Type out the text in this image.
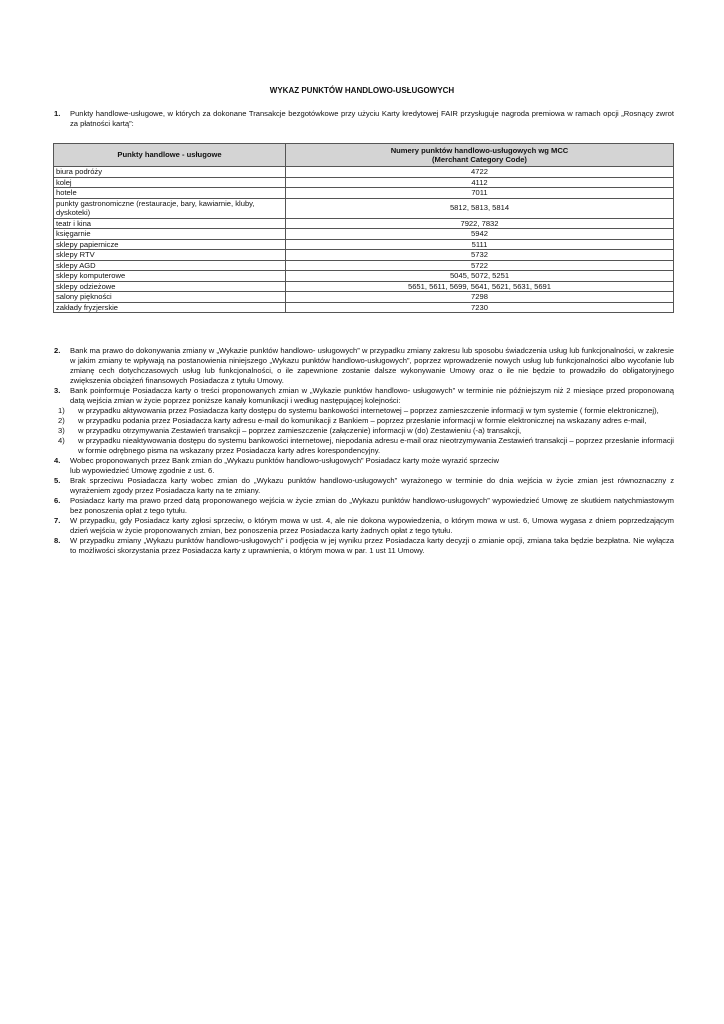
WYKAZ PUNKTÓW HANDLOWO-USŁUGOWYCH
1. Punkty handlowe-usługowe, w których za dokonane Transakcje bezgotówkowe przy użyciu Karty kredytowej FAIR przysługuje nagroda premiowa w ramach opcji „Rosnący zwrot za płatności kartą”:
Punkty handlowe - usługowe	Numery punktów handlowo-usługowych wg MCC
(Merchant Category Code)

biura podróży	4722
kolej	4112
hotele	7011
punkty gastronomiczne (restauracje, bary, kawiarnie, kluby, dyskoteki)	5812, 5813, 5814
teatr i kina	7922, 7832
księgarnie	5942
sklepy papiernicze	5111
sklepy RTV	5732
sklepy AGD	5722
sklepy komputerowe	5045, 5072, 5251
sklepy odzieżowe	5651, 5611, 5699, 5641, 5621, 5631, 5691
salony piękności	7298
zakłady fryzjerskie	7230
2. Bank ma prawo do dokonywania zmiany w „Wykazie punktów handlowo- usługowych” w przypadku zmiany zakresu lub sposobu świadczenia usług lub funkcjonalności, w zakresie w jakim zmiany te wpływają na postanowienia niniejszego „Wykazu punktów handlowo-usługowych”, poprzez wprowadzenie nowych usług lub funkcjonalności albo wycofanie lub zmianę cech dotychczasowych usług lub funkcjonalności, o ile zapewnione zostanie dalsze wykonywanie Umowy oraz o ile nie będzie to prowadziło do obligatoryjnego zwiększenia obciążeń finansowych Posiadacza z tytułu Umowy.
3. Bank poinformuje Posiadacza karty o treści proponowanych zmian w „Wykazie punktów handlowo- usługowych” w terminie nie późniejszym niż 2 miesiące przed proponowaną datą wejścia zmian w życie poprzez poniższe kanały komunikacji i według następującej kolejności:
1) w przypadku aktywowania przez Posiadacza karty dostępu do systemu bankowości internetowej – poprzez zamieszczenie informacji w tym systemie ( formie elektronicznej),
2) w przypadku podania przez Posiadacza karty adresu e-mail do komunikacji z Bankiem – poprzez przesłanie informacji w formie elektronicznej na wskazany adres e-mail,
3) w przypadku otrzymywania Zestawień transakcji – poprzez zamieszczenie (załączenie) informacji w (do) Zestawieniu (-a) transakcji,
4) w przypadku nieaktywowania dostępu do systemu bankowości internetowej, niepodania adresu e-mail oraz nieotrzymywania Zestawień transakcji – poprzez przesłanie informacji w formie odrębnego pisma na wskazany przez Posiadacza karty adres korespondencyjny.
4. Wobec proponowanych przez Bank zmian do „Wykazu punktów handlowo-usługowych” Posiadacz karty może wyrazić sprzeciw
lub wypowiedzieć Umowę zgodnie z ust. 6.
5. Brak sprzeciwu Posiadacza karty wobec zmian do „Wykazu punktów handlowo-usługowych” wyrażonego w terminie do dnia wejścia w życie zmian jest równoznaczny z wyrażeniem zgody przez Posiadacza karty na te zmiany.
6. Posiadacz karty ma prawo przed datą proponowanego wejścia w życie zmian do „Wykazu punktów handlowo-usługowych” wypowiedzieć Umowę ze skutkiem natychmiastowym bez ponoszenia opłat z tego tytułu.
7. W przypadku, gdy Posiadacz karty zgłosi sprzeciw, o którym mowa w ust. 4, ale nie dokona wypowiedzenia, o którym mowa w ust. 6, Umowa wygasa z dniem poprzedzającym dzień wejścia w życie proponowanych zmian, bez ponoszenia przez Posiadacza karty żadnych opłat z tego tytułu.
8. W przypadku zmiany „Wykazu punktów handlowo-usługowych” i podjęcia w jej wyniku przez Posiadacza karty decyzji o zmianie opcji, zmiana taka będzie bezpłatna. Nie wyłącza to możliwości skorzystania przez Posiadacza karty z uprawnienia, o którym mowa w par. 1 ust 11 Umowy.
